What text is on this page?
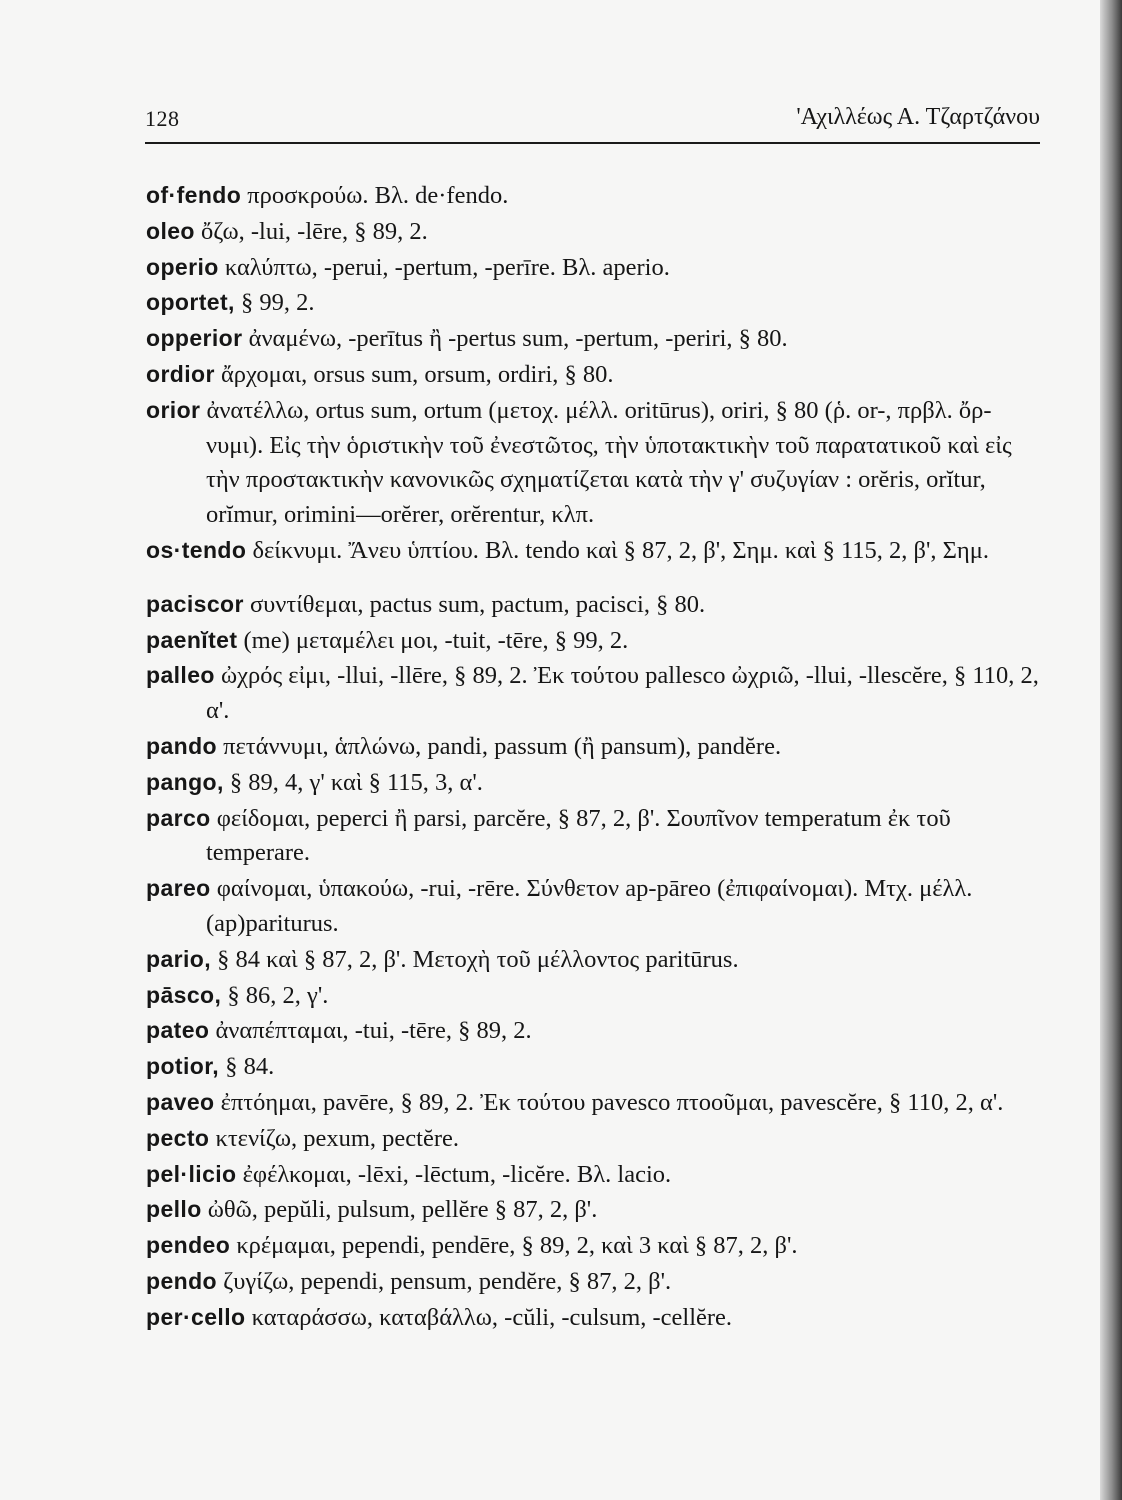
128	'Αχιλλέως Α. Τζαρτζάνου

of·fendo προσκρούω. Βλ. de·fendo.

oleo ὄζω, -lui, -lēre, § 89, 2.

operio καλύπτω, -perui, -pertum, -perīre. Βλ. aperio.

oportet, § 99, 2.

opperior ἀναμένω, -perītus ἢ -pertus sum, -pertum, -periri, § 80.

ordior ἄρχομαι, orsus sum, orsum, ordiri, § 80.

orior ἀνατέλλω, ortus sum, ortum (μετοχ. μέλλ. oritūrus), oriri, § 80 (ῥ. or-, πρβλ. ὄρ-νυμι). Εἰς τὴν ὁριστικὴν τοῦ ἐνεστῶτος, τὴν ὑποτακτικὴν τοῦ παρατατικοῦ καὶ εἰς τὴν προστακτικὴν κανονικῶς σχηματίζεται κατὰ τὴν γ' συζυγίαν : orĕris, orĭtur, orĭmur, orimini—orĕrer, orĕrentur, κλπ.

os·tendo δείκνυμι. Ἄνευ ὑπτίου. Βλ. tendo καὶ § 87, 2, β', Σημ. καὶ § 115, 2, β', Σημ.

paciscor συντίθεμαι, pactus sum, pactum, pacisci, § 80.

paenĭtet (me) μεταμέλει μοι, -tuit, -tēre, § 99, 2.

palleo ὠχρός εἰμι, -llui, -llēre, § 89, 2. Ἐκ τούτου pallesco ὠχριῶ, -llui, -llescĕre, § 110, 2, α'.

pando πετάννυμι, ἁπλώνω, pandi, passum (ἢ pansum), pandĕre.

pango, § 89, 4, γ' καὶ § 115, 3, α'.

parco φείδομαι, peperci ἢ parsi, parcĕre, § 87, 2, β'. Σουπῖνον temperatum ἐκ τοῦ temperare.

pareo φαίνομαι, ὑπακούω, -rui, -rēre. Σύνθετον ap-pāreo (ἐπιφαίνομαι). Μτχ. μέλλ. (ap)pariturus.

pario, § 84 καὶ § 87, 2, β'. Μετοχὴ τοῦ μέλλοντος paritūrus.

pāsco, § 86, 2, γ'.

pateo ἀναπέπταμαι, -tui, -tēre, § 89, 2.

potior, § 84.

paveo ἐπτόημαι, pavēre, § 89, 2. Ἐκ τούτου pavesco πτοοῦμαι, pavescĕre, § 110, 2, α'.

pecto κτενίζω, pexum, pectĕre.

pel·licio ἐφέλκομαι, -lēxi, -lēctum, -licĕre. Βλ. lacio.

pello ὠθῶ, pepŭli, pulsum, pellĕre § 87, 2, β'.

pendeo κρέμαμαι, pependi, pendēre, § 89, 2, καὶ 3 καὶ § 87, 2, β'.

pendo ζυγίζω, pependi, pensum, pendĕre, § 87, 2, β'.

per·cello καταράσσω, καταβάλλω, -cŭli, -culsum, -cellĕre.
